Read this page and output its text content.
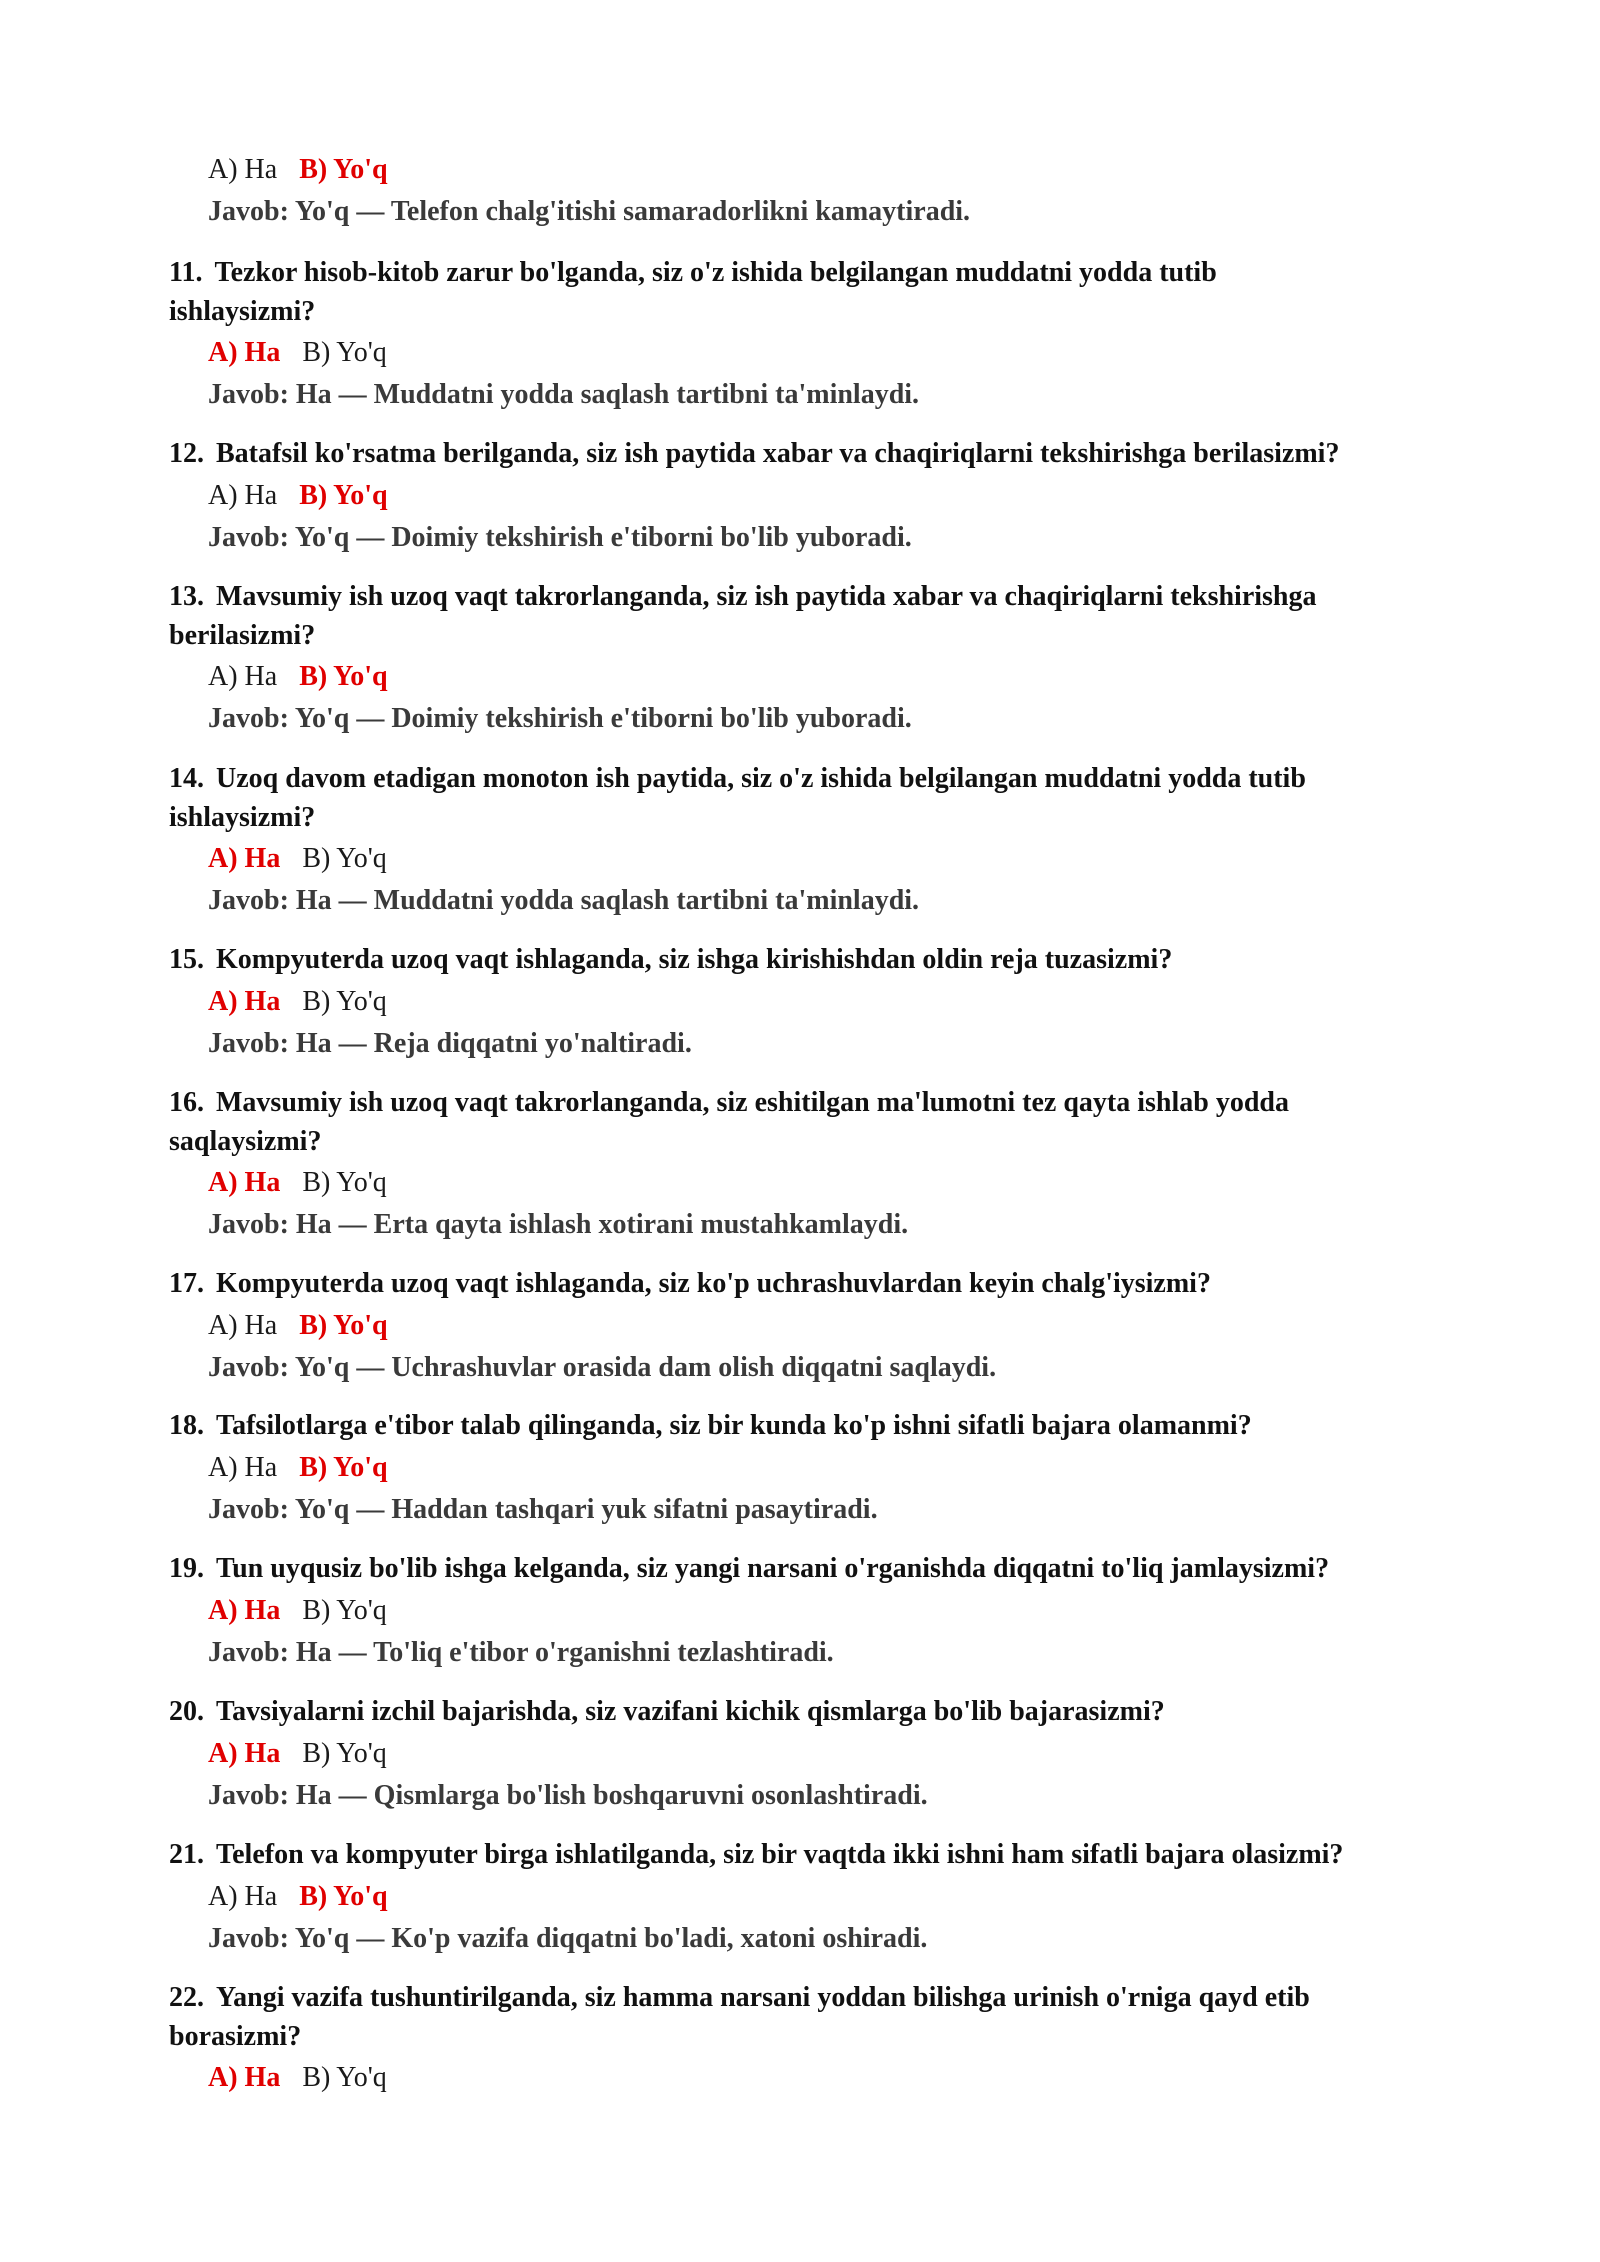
A) Ha B) Yo'q
Javob: Yo'q — Telefon chalg'itishi samaradorlikni kamaytiradi.
11. Tezkor hisob-kitob zarur bo'lganda, siz o'z ishida belgilangan muddatni yodda tutib
ishlaysizmi?
A) Ha B) Yo'q
Javob: Ha — Muddatni yodda saqlash tartibni ta'minlaydi.
12. Batafsil ko'rsatma berilganda, siz ish paytida xabar va chaqiriqlarni tekshirishga berilasizmi?
A) Ha B) Yo'q
Javob: Yo'q — Doimiy tekshirish e'tiborni bo'lib yuboradi.
13. Mavsumiy ish uzoq vaqt takrorlanganda, siz ish paytida xabar va chaqiriqlarni tekshirishga
berilasizmi?
A) Ha B) Yo'q
Javob: Yo'q — Doimiy tekshirish e'tiborni bo'lib yuboradi.
14. Uzoq davom etadigan monoton ish paytida, siz o'z ishida belgilangan muddatni yodda tutib
ishlaysizmi?
A) Ha B) Yo'q
Javob: Ha — Muddatni yodda saqlash tartibni ta'minlaydi.
15. Kompyuterda uzoq vaqt ishlaganda, siz ishga kirishishdan oldin reja tuzasizmi?
A) Ha B) Yo'q
Javob: Ha — Reja diqqatni yo'naltiradi.
16. Mavsumiy ish uzoq vaqt takrorlanganda, siz eshitilgan ma'lumotni tez qayta ishlab yodda
saqlaysizmi?
A) Ha B) Yo'q
Javob: Ha — Erta qayta ishlash xotirani mustahkamlaydi.
17. Kompyuterda uzoq vaqt ishlaganda, siz ko'p uchrashuvlardan keyin chalg'iysizmi?
A) Ha B) Yo'q
Javob: Yo'q — Uchrashuvlar orasida dam olish diqqatni saqlaydi.
18. Tafsilotlarga e'tibor talab qilinganda, siz bir kunda ko'p ishni sifatli bajara olamanmi?
A) Ha B) Yo'q
Javob: Yo'q — Haddan tashqari yuk sifatni pasaytiradi.
19. Tun uyqusiz bo'lib ishga kelganda, siz yangi narsani o'rganishda diqqatni to'liq jamlaysizmi?
A) Ha B) Yo'q
Javob: Ha — To'liq e'tibor o'rganishni tezlashtiradi.
20. Tavsiyalarni izchil bajarishda, siz vazifani kichik qismlarga bo'lib bajarasizmi?
A) Ha B) Yo'q
Javob: Ha — Qismlarga bo'lish boshqaruvni osonlashtiradi.
21. Telefon va kompyuter birga ishlatilganda, siz bir vaqtda ikki ishni ham sifatli bajara olasizmi?
A) Ha B) Yo'q
Javob: Yo'q — Ko'p vazifa diqqatni bo'ladi, xatoni oshiradi.
22. Yangi vazifa tushuntirilganda, siz hamma narsani yoddan bilishga urinish o'rniga qayd etib
borasizmi?
A) Ha B) Yo'q
